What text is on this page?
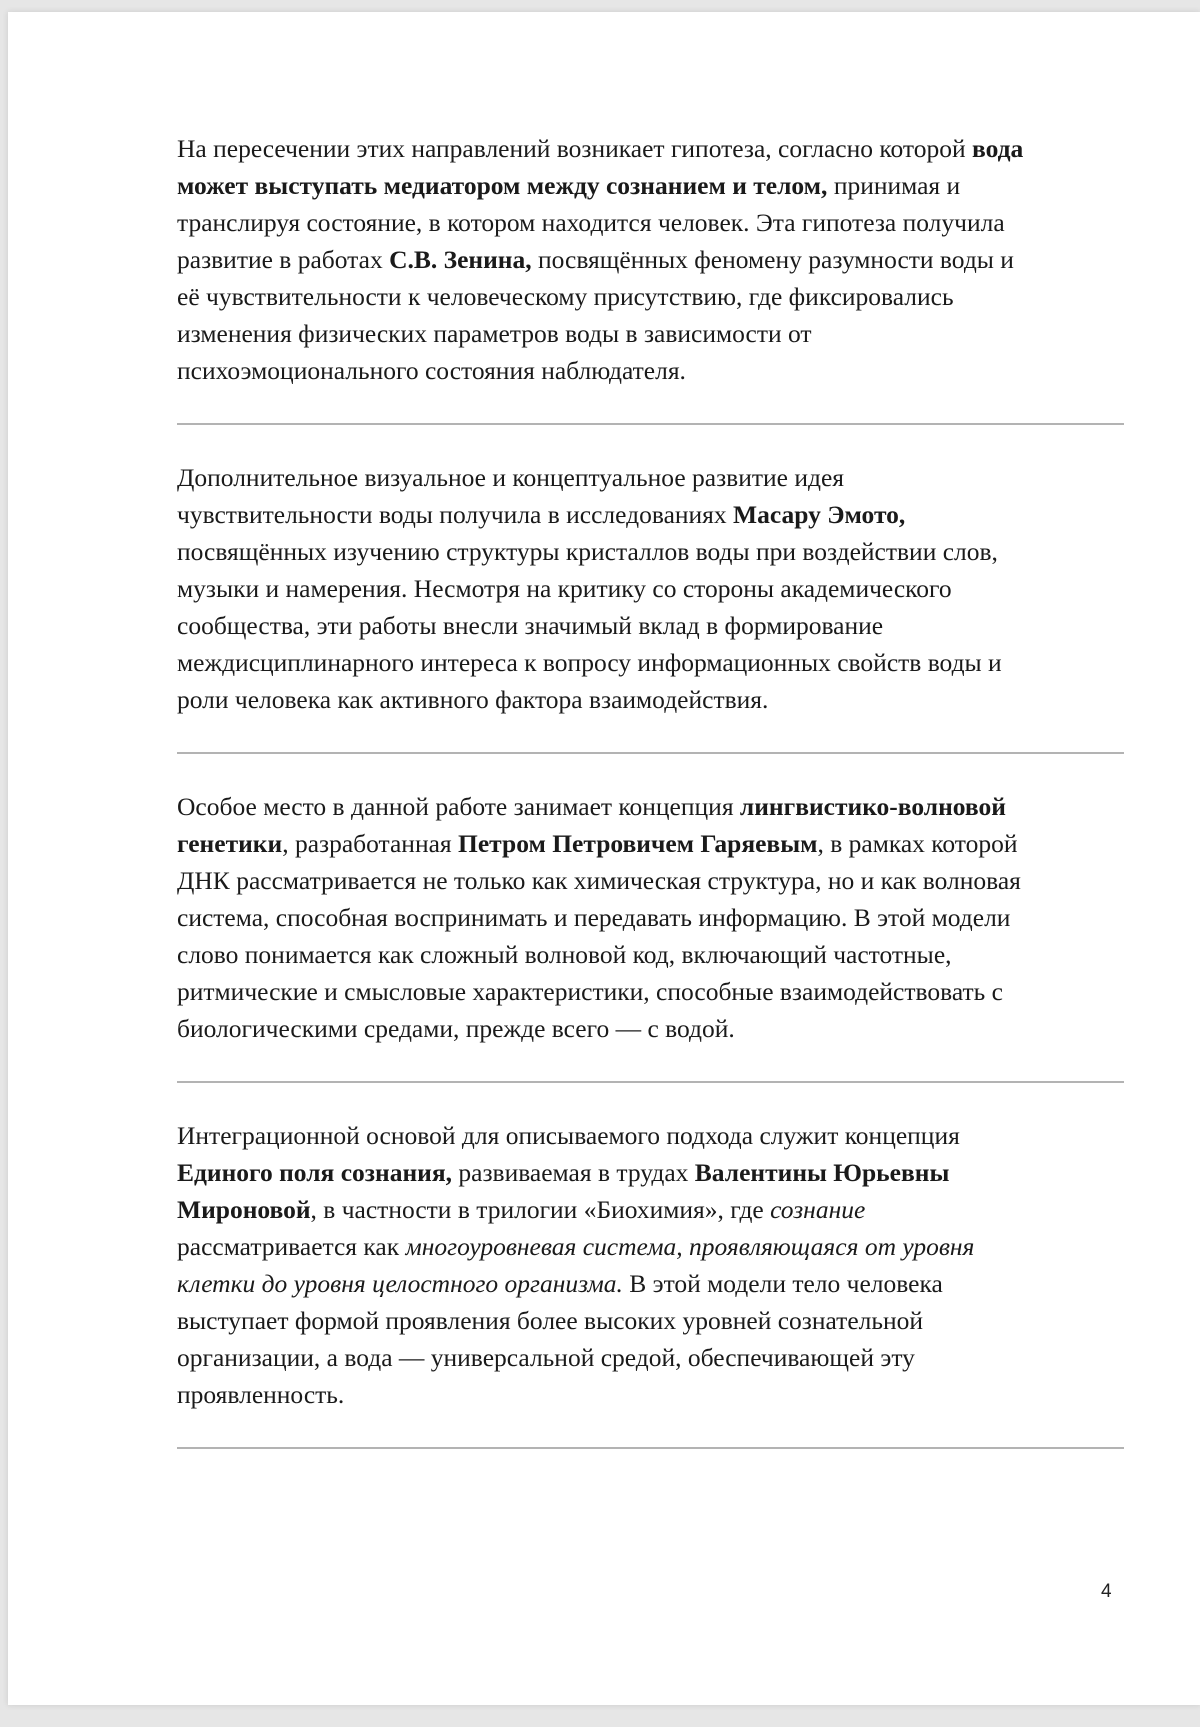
На пересечении этих направлений возникает гипотеза, согласно которой вода
может выступать медиатором между сознанием и телом, принимая и
транслируя состояние, в котором находится человек. Эта гипотеза получила
развитие в работах С.В. Зенина, посвящённых феномену разумности воды и
eё чувствительности к человеческому присутствию, где фиксировались
изменения физических параметров воды в зависимости от
психоэмоционального состояния наблюдателя.

Дополнительное визуальное и концептуальное развитие идея
чувствительности воды получила в исследованиях Масару Эмото,
посвящённых изучению структуры кристаллов воды при воздействии слов,
музыки и намерения. Несмотря на критику со стороны академического
сообщества, эти работы внесли значимый вклад в формирование
междисциплинарного интереса к вопросу информационных свойств воды и
роли человека как активного фактора взаимодействия.

Особое место в данной работе занимает концепция лингвистико-волновой
генетики, разработанная Петром Петровичем Гаряевым, в рамках которой
ДНК рассматривается не только как химическая структура, но и как волновая
система, способная воспринимать и передавать информацию. В этой модели
слово понимается как сложный волновой код, включающий частотные,
ритмические и смысловые характеристики, способные взаимодействовать с
биологическими средами, прежде всего — с водой.

Интеграционной основой для описываемого подхода служит концепция
Единого поля сознания, развиваемая в трудах Валентины Юрьевны
Мироновой, в частности в трилогии «Биохимия», где сознание
рассматривается как многоуровневая система, проявляющаяся от уровня
клетки до уровня целостного организма. В этой модели тело человека
выступает формой проявления более высоких уровней сознательной
организации, а вода — универсальной средой, обеспечивающей эту
проявленность.

4
